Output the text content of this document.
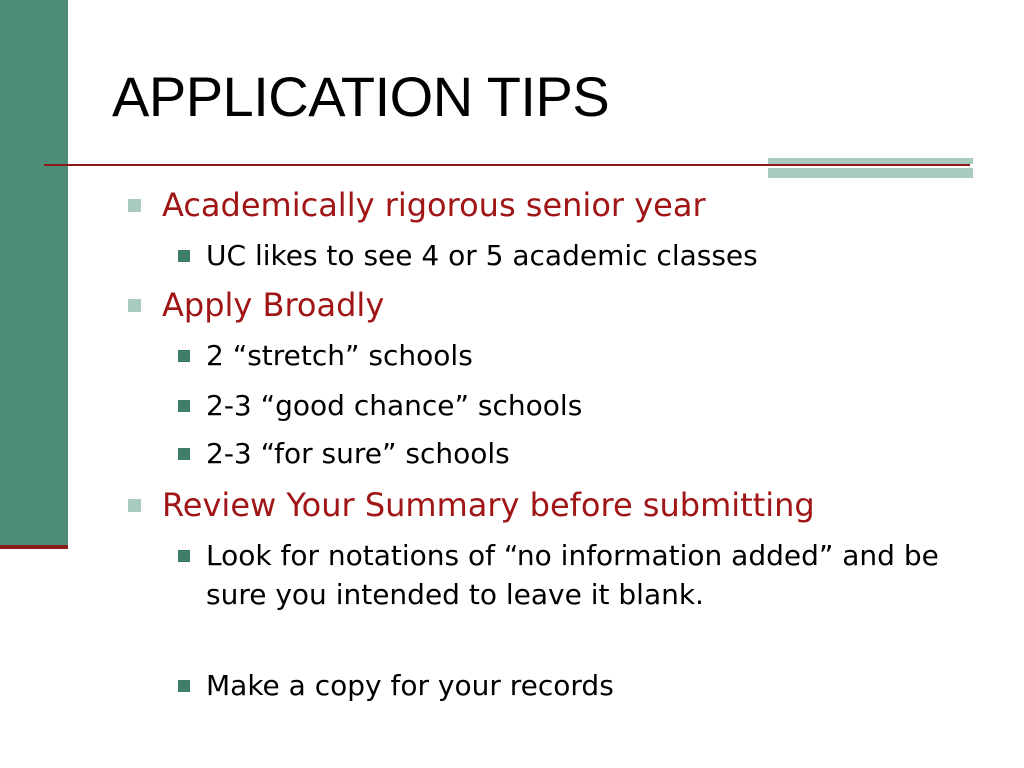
APPLICATION TIPS
Academically rigorous senior year
UC likes to see 4 or 5 academic classes
Apply Broadly
2 “stretch” schools
2-3 “good chance” schools
2-3 “for sure” schools
Review Your Summary before submitting
Look for notations of “no information added” and be sure you intended to leave it blank.
Make a copy for your records
